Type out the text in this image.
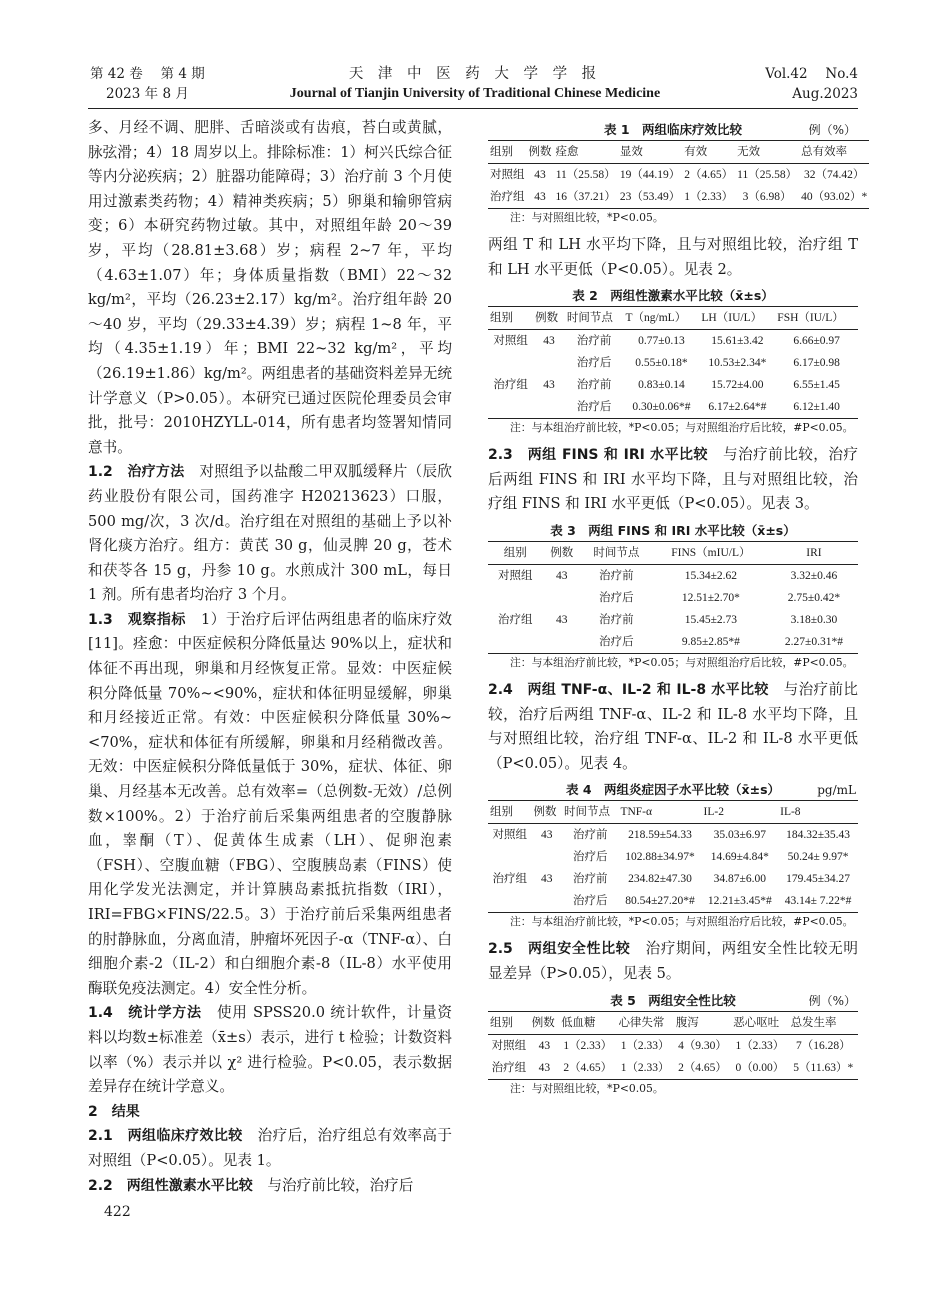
第 42 卷　 第 4 期
2023 年 8 月
天 津 中 医 药 大 学 学 报
Journal of Tianjin University of Traditional Chinese Medicine
Vol.42　 No.4
Aug.2023

多、月经不调、肥胖、舌暗淡或有齿痕，苔白或黄腻，脉弦滑；4）18 周岁以上。排除标准：1）柯兴氏综合征等内分泌疾病；2）脏器功能障碍；3）治疗前 3 个月使用过激素类药物；4）精神类疾病；5）卵巢和输卵管病变；6）本研究药物过敏。其中，对照组年龄 20～39 岁，平均（28.81±3.68）岁；病程 2~7 年，平均（4.63±1.07）年；身体质量指数（BMI）22～32 kg/m²，平均（26.23±2.17）kg/m²。治疗组年龄 20～40 岁，平均（29.33±4.39）岁；病程 1~8 年，平均（4.35±1.19）年；BMI 22~32 kg/m²，平均（26.19±1.86）kg/m²。两组患者的基础资料差异无统计学意义（P>0.05）。本研究已通过医院伦理委员会审批，批号：2010HZYLL-014，所有患者均签署知情同意书。

1.2　治疗方法　对照组予以盐酸二甲双胍缓释片（辰欣药业股份有限公司，国药准字 H20213623）口服，500 mg/次，3 次/d。治疗组在对照组的基础上予以补肾化痰方治疗。组方：黄芪 30 g，仙灵脾 20 g，苍术和茯苓各 15 g，丹参 10 g。水煎成汁 300 mL，每日 1 剂。所有患者均治疗 3 个月。

1.3　观察指标　1）于治疗后评估两组患者的临床疗效[11]。痊愈：中医症候积分降低量达 90%以上，症状和体征不再出现，卵巢和月经恢复正常。显效：中医症候积分降低量 70%~<90%，症状和体征明显缓解，卵巢和月经接近正常。有效：中医症候积分降低量 30%~<70%，症状和体征有所缓解，卵巢和月经稍微改善。无效：中医症候积分降低量低于 30%，症状、体征、卵巢、月经基本无改善。总有效率=（总例数-无效）/总例数×100%。2）于治疗前后采集两组患者的空腹静脉血，睾酮（T）、促黄体生成素（LH）、促卵泡素（FSH）、空腹血糖（FBG）、空腹胰岛素（FINS）使用化学发光法测定，并计算胰岛素抵抗指数（IRI），IRI=FBG×FINS/22.5。3）于治疗前后采集两组患者的肘静脉血，分离血清，肿瘤坏死因子-α（TNF-α）、白细胞介素-2（IL-2）和白细胞介素-8（IL-8）水平使用酶联免疫法测定。4）安全性分析。

1.4　统计学方法　使用 SPSS20.0 统计软件，计量资料以均数±标准差（x̄±s）表示，进行 t 检验；计数资料以率（%）表示并以 χ² 进行检验。P<0.05，表示数据差异存在统计学意义。

2　结果

2.1　两组临床疗效比较　治疗后，治疗组总有效率高于对照组（P<0.05）。见表 1。

2.2　两组性激素水平比较　与治疗前比较，治疗后

表 1　两组临床疗效比较	例（%）
组别	例数	痊愈	显效	有效	无效	总有效率
对照组	43	11（25.58）	19（44.19）	2（4.65）	11（25.58）	32（74.42）
治疗组	43	16（37.21）	23（53.49）	1（2.33）	3（6.98）	40（93.02）*
注：与对照组比较，*P<0.05。

两组 T 和 LH 水平均下降，且与对照组比较，治疗组 T 和 LH 水平更低（P<0.05）。见表 2。

表 2　两组性激素水平比较（x̄±s）
组别	例数	时间节点	T（ng/mL）	LH（IU/L）	FSH（IU/L）
对照组	43	治疗前	0.77±0.13	15.61±3.42	6.66±0.97
		治疗后	0.55±0.18*	10.53±2.34*	6.17±0.98
治疗组	43	治疗前	0.83±0.14	15.72±4.00	6.55±1.45
		治疗后	0.30±0.06*#	6.17±2.64*#	6.12±1.40
注：与本组治疗前比较，*P<0.05；与对照组治疗后比较，#P<0.05。

2.3　两组 FINS 和 IRI 水平比较　与治疗前比较，治疗后两组 FINS 和 IRI 水平均下降，且与对照组比较，治疗组 FINS 和 IRI 水平更低（P<0.05）。见表 3。

表 3　两组 FINS 和 IRI 水平比较（x̄±s）
组别	例数	时间节点	FINS（mIU/L）	IRI
对照组	43	治疗前	15.34±2.62	3.32±0.46
		治疗后	12.51±2.70*	2.75±0.42*
治疗组	43	治疗前	15.45±2.73	3.18±0.30
		治疗后	9.85±2.85*#	2.27±0.31*#
注：与本组治疗前比较，*P<0.05；与对照组治疗后比较，#P<0.05。

2.4　两组 TNF-α、IL-2 和 IL-8 水平比较　与治疗前比较，治疗后两组 TNF-α、IL-2 和 IL-8 水平均下降，且与对照组比较，治疗组 TNF-α、IL-2 和 IL-8 水平更低（P<0.05）。见表 4。

表 4　两组炎症因子水平比较（x̄±s）	pg/mL
组别	例数	时间节点	TNF-α	IL-2	IL-8
对照组	43	治疗前	218.59±54.33	35.03±6.97	184.32±35.43
		治疗后	102.88±34.97*	14.69±4.84*	50.24± 9.97*
治疗组	43	治疗前	234.82±47.30	34.87±6.00	179.45±34.27
		治疗后	80.54±27.20*#	12.21±3.45*#	43.14± 7.22*#
注：与本组治疗前比较，*P<0.05；与对照组治疗后比较，#P<0.05。

2.5　两组安全性比较　治疗期间，两组安全性比较无明显差异（P>0.05），见表 5。

表 5　两组安全性比较	例（%）
组别	例数	低血糖	心律失常	腹泻	恶心呕吐	总发生率
对照组	43	1（2.33）	1（2.33）	4（9.30）	1（2.33）	7（16.28）
治疗组	43	2（4.65）	1（2.33）	2（4.65）	0（0.00）	5（11.63）*
注：与对照组比较，*P<0.05。
422
